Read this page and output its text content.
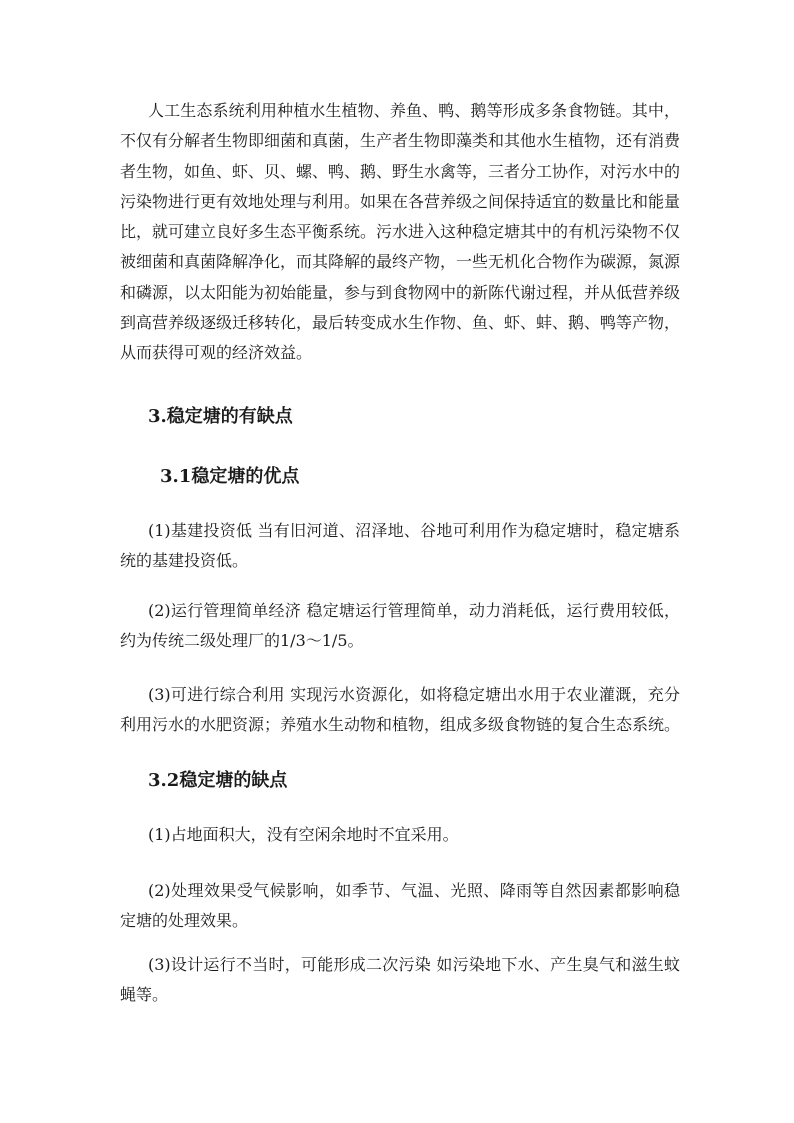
人工生态系统利用种植水生植物、养鱼、鸭、鹅等形成多条食物链。其中，不仅有分解者生物即细菌和真菌，生产者生物即藻类和其他水生植物，还有消费者生物，如鱼、虾、贝、螺、鸭、鹅、野生水禽等，三者分工协作，对污水中的污染物进行更有效地处理与利用。如果在各营养级之间保持适宜的数量比和能量比，就可建立良好多生态平衡系统。污水进入这种稳定塘其中的有机污染物不仅被细菌和真菌降解净化，而其降解的最终产物，一些无机化合物作为碳源，氮源和磷源，以太阳能为初始能量，参与到食物网中的新陈代谢过程，并从低营养级到高营养级逐级迁移转化，最后转变成水生作物、鱼、虾、蚌、鹅、鸭等产物，从而获得可观的经济效益。

3.稳定塘的有缺点
3.1稳定塘的优点

(1)基建投资低 当有旧河道、沼泽地、谷地可利用作为稳定塘时，稳定塘系统的基建投资低。

(2)运行管理简单经济 稳定塘运行管理简单，动力消耗低，运行费用较低，约为传统二级处理厂的1/3～1/5。

(3)可进行综合利用 实现污水资源化，如将稳定塘出水用于农业灌溉，充分利用污水的水肥资源；养殖水生动物和植物，组成多级食物链的复合生态系统。

3.2稳定塘的缺点

(1)占地面积大，没有空闲余地时不宜采用。

(2)处理效果受气候影响，如季节、气温、光照、降雨等自然因素都影响稳定塘的处理效果。

(3)设计运行不当时，可能形成二次污染 如污染地下水、产生臭气和滋生蚊蝇等。
